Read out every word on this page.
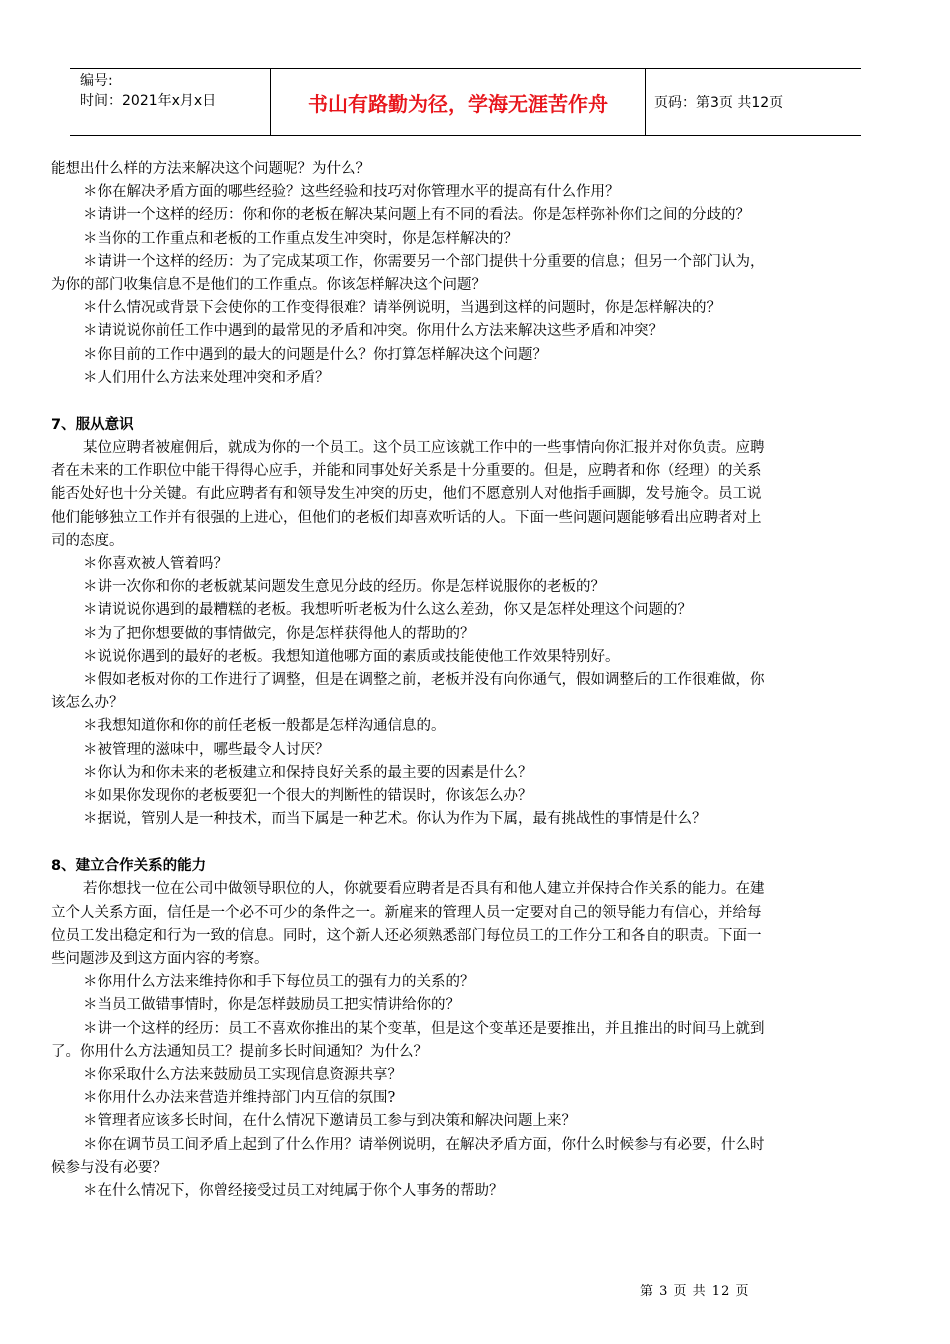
编号:
时间：2021年x月x日	书山有路勤为径，学海无涯苦作舟	页码：第3页 共12页
能想出什么样的方法来解决这个问题呢？为什么？
＊你在解决矛盾方面的哪些经验？这些经验和技巧对你管理水平的提高有什么作用？
＊请讲一个这样的经历：你和你的老板在解决某问题上有不同的看法。你是怎样弥补你们之间的分歧的？
＊当你的工作重点和老板的工作重点发生冲突时，你是怎样解决的？
＊请讲一个这样的经历：为了完成某项工作，你需要另一个部门提供十分重要的信息；但另一个部门认为，
为你的部门收集信息不是他们的工作重点。你该怎样解决这个问题？
＊什么情况或背景下会使你的工作变得很难？请举例说明，当遇到这样的问题时，你是怎样解决的？
＊请说说你前任工作中遇到的最常见的矛盾和冲突。你用什么方法来解决这些矛盾和冲突？
＊你目前的工作中遇到的最大的问题是什么？你打算怎样解决这个问题？
＊人们用什么方法来处理冲突和矛盾？
7、服从意识
某位应聘者被雇佣后，就成为你的一个员工。这个员工应该就工作中的一些事情向你汇报并对你负责。应聘
者在未来的工作职位中能干得得心应手，并能和同事处好关系是十分重要的。但是，应聘者和你（经理）的关系
能否处好也十分关键。有此应聘者有和领导发生冲突的历史，他们不愿意别人对他指手画脚，发号施令。员工说
他们能够独立工作并有很强的上进心，但他们的老板们却喜欢听话的人。下面一些问题问题能够看出应聘者对上
司的态度。
＊你喜欢被人管着吗？
＊讲一次你和你的老板就某问题发生意见分歧的经历。你是怎样说服你的老板的？
＊请说说你遇到的最糟糕的老板。我想听听老板为什么这么差劲，你又是怎样处理这个问题的？
＊为了把你想要做的事情做完，你是怎样获得他人的帮助的？
＊说说你遇到的最好的老板。我想知道他哪方面的素质或技能使他工作效果特别好。
＊假如老板对你的工作进行了调整，但是在调整之前，老板并没有向你通气，假如调整后的工作很难做，你
该怎么办？
＊我想知道你和你的前任老板一般都是怎样沟通信息的。
＊被管理的滋味中，哪些最令人讨厌？
＊你认为和你未来的老板建立和保持良好关系的最主要的因素是什么？
＊如果你发现你的老板要犯一个很大的判断性的错误时，你该怎么办？
＊据说，管别人是一种技术，而当下属是一种艺术。你认为作为下属，最有挑战性的事情是什么？
8、建立合作关系的能力
若你想找一位在公司中做领导职位的人，你就要看应聘者是否具有和他人建立并保持合作关系的能力。在建
立个人关系方面，信任是一个必不可少的条件之一。新雇来的管理人员一定要对自己的领导能力有信心，并给每
位员工发出稳定和行为一致的信息。同时，这个新人还必须熟悉部门每位员工的工作分工和各自的职责。下面一
些问题涉及到这方面内容的考察。
＊你用什么方法来维持你和手下每位员工的强有力的关系的？
＊当员工做错事情时，你是怎样鼓励员工把实情讲给你的？
＊讲一个这样的经历：员工不喜欢你推出的某个变革，但是这个变革还是要推出，并且推出的时间马上就到
了。你用什么方法通知员工？提前多长时间通知？为什么？
＊你采取什么方法来鼓励员工实现信息资源共享？
＊你用什么办法来营造并维持部门内互信的氛围?
＊管理者应该多长时间，在什么情况下邀请员工参与到决策和解决问题上来？
＊你在调节员工间矛盾上起到了什么作用？请举例说明，在解决矛盾方面，你什么时候参与有必要，什么时
候参与没有必要？
＊在什么情况下，你曾经接受过员工对纯属于你个人事务的帮助？
第 3 页 共 12 页
